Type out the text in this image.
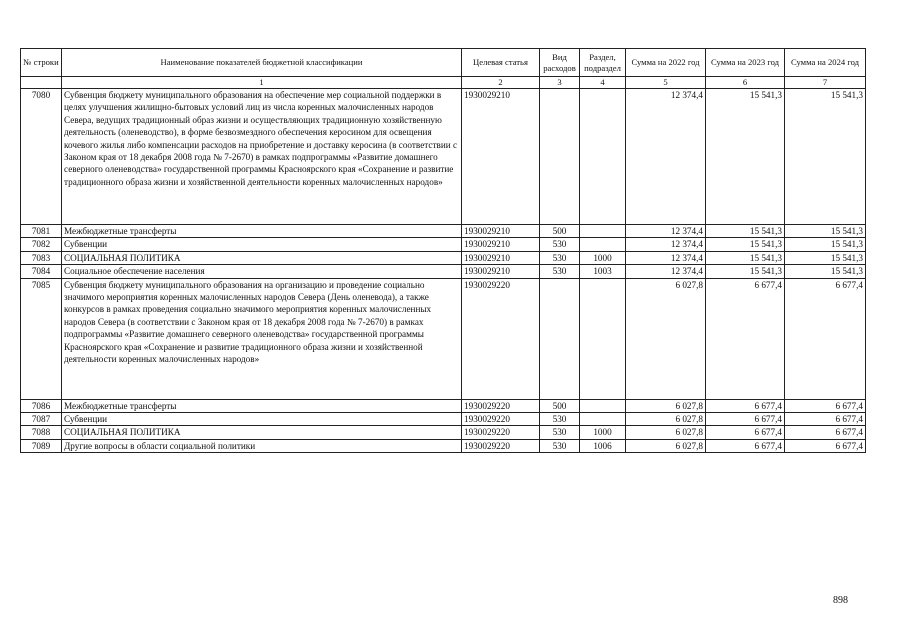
№ строки	Наименование показателей бюджетной классификации	Целевая статья	Вид расходов	Раздел, подраздел	Сумма на 2022 год	Сумма на 2023 год	Сумма на 2024 год
	1	2	3	4	5	6	7
7080	Субвенция бюджету муниципального образования на обеспечение мер социальной поддержки в целях улучшения жилищно-бытовых условий лиц из числа коренных малочисленных народов Севера, ведущих традиционный образ жизни и осуществляющих традиционную хозяйственную деятельность (оленеводство), в форме безвозмездного обеспечения керосином для освещения кочевого жилья либо компенсации расходов на приобретение и доставку керосина (в соответствии с Законом края от 18 декабря 2008 года № 7-2670) в рамках подпрограммы «Развитие домашнего северного оленеводства» государственной программы Красноярского края «Сохранение и развитие традиционного образа жизни и хозяйственной деятельности коренных малочисленных народов»	1930029210			12 374,4	15 541,3	15 541,3
7081	Межбюджетные трансферты	1930029210	500		12 374,4	15 541,3	15 541,3
7082	Субвенции	1930029210	530		12 374,4	15 541,3	15 541,3
7083	СОЦИАЛЬНАЯ ПОЛИТИКА	1930029210	530	1000	12 374,4	15 541,3	15 541,3
7084	Социальное обеспечение населения	1930029210	530	1003	12 374,4	15 541,3	15 541,3
7085	Субвенция бюджету муниципального образования на организацию и проведение социально значимого мероприятия коренных малочисленных народов Севера (День оленевода), а также конкурсов в рамках проведения социально значимого мероприятия коренных малочисленных народов Севера (в соответствии с Законом края от 18 декабря 2008 года № 7-2670) в рамках подпрограммы «Развитие домашнего северного оленеводства» государственной программы Красноярского края «Сохранение и развитие традиционного образа жизни и хозяйственной деятельности коренных малочисленных народов»	1930029220			6 027,8	6 677,4	6 677,4
7086	Межбюджетные трансферты	1930029220	500		6 027,8	6 677,4	6 677,4
7087	Субвенции	1930029220	530		6 027,8	6 677,4	6 677,4
7088	СОЦИАЛЬНАЯ ПОЛИТИКА	1930029220	530	1000	6 027,8	6 677,4	6 677,4
7089	Другие вопросы в области социальной политики	1930029220	530	1006	6 027,8	6 677,4	6 677,4
898
